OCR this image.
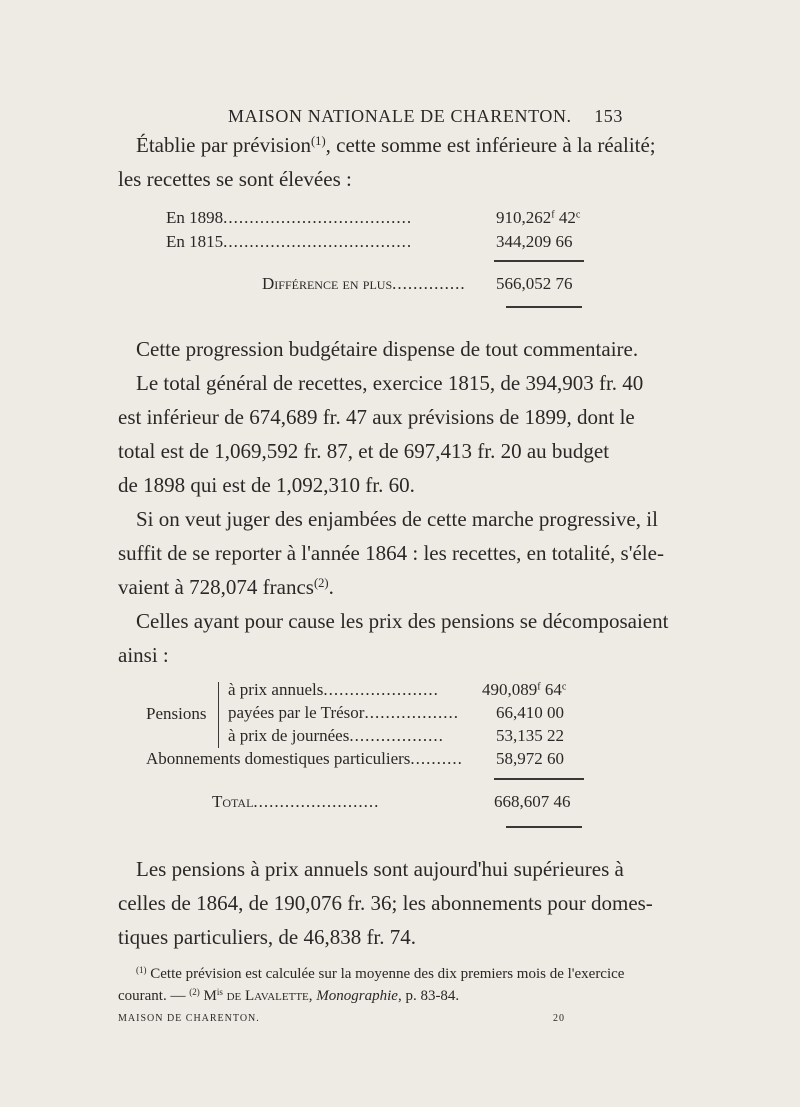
MAISON NATIONALE DE CHARENTON. 153
Établie par prévision$^{(1)}$, cette somme est inférieure à la réalité;
les recettes se sont élevées :
En 1898....................................	910,262$^f$ 42$^c$
En 1815....................................	344,209 66
Différence en plus.............. 566,052 76
Cette progression budgétaire dispense de tout commentaire.
Le total général de recettes, exercice 1815, de 394,903 fr. 40
est inférieur de 674,689 fr. 47 aux prévisions de 1899, dont le
total est de 1,069,592 fr. 87, et de 697,413 fr. 20 au budget
de 1898 qui est de 1,092,310 fr. 60.
Si on veut juger des enjambées de cette marche progressive, il
suffit de se reporter à l'année 1864 : les recettes, en totalité, s'éle-
vaient à 728,074 francs$^{(2)}$.
Celles ayant pour cause les prix des pensions se décomposaient
ainsi :
Pensions
à prix annuels......................	490,089$^f$ 64$^c$
payées par le Trésor.................. 66,410 00
à prix de journées..................	53,135 22
Abonnements domestiques particuliers.......... 58,972 60
Total........................	668,607 46
Les pensions à prix annuels sont aujourd'hui supérieures à
celles de 1864, de 190,076 fr. 36; les abonnements pour domes-
tiques particuliers, de 46,838 fr. 74.
$^{(1)}$ Cette prévision est calculée sur la moyenne des dix premiers mois de l'exercice
courant. — $^{(2)}$ $M^{is}$ de Lavalette, Monographie, p. 83-84.
MAISON DE CHARENTON.	20
